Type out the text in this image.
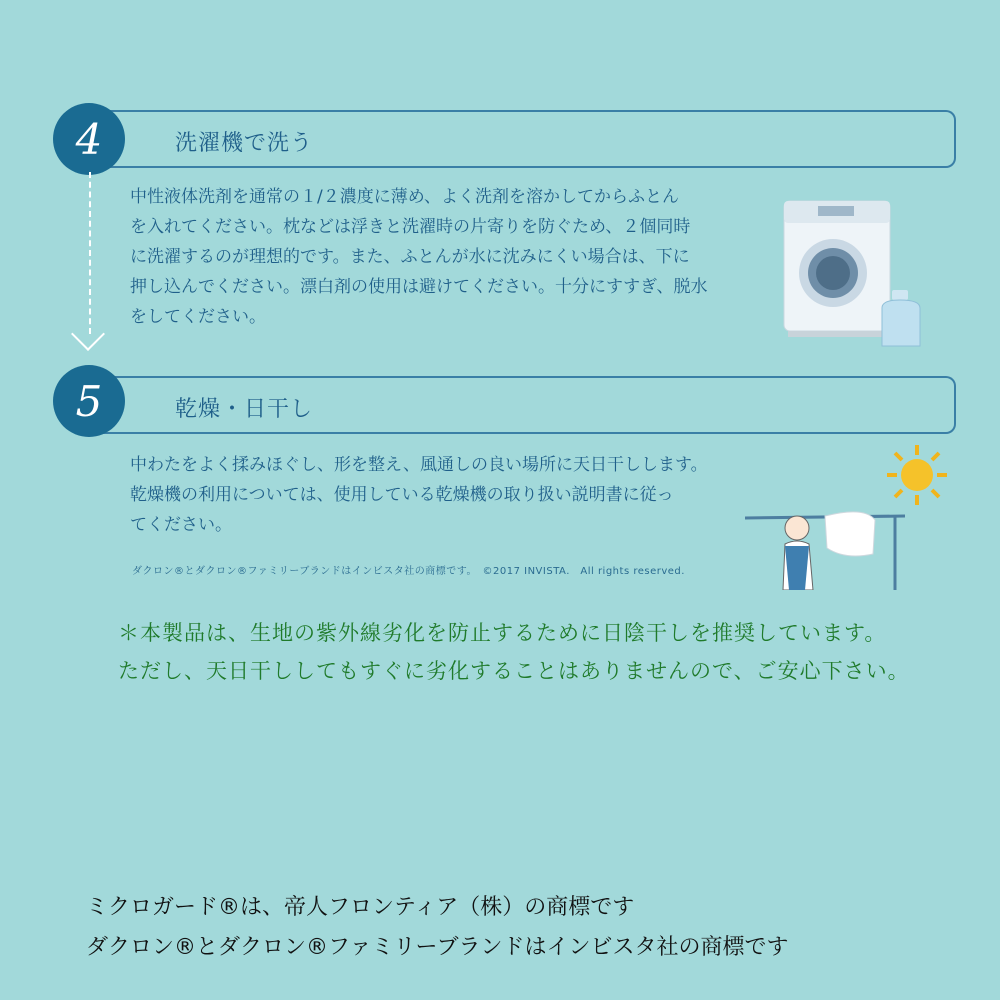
4	洗濯機で洗う
中性液体洗剤を通常の１/２濃度に薄め、よく洗剤を溶かしてからふとん
を入れてください。枕などは浮きと洗濯時の片寄りを防ぐため、２個同時
に洗濯するのが理想的です。また、ふとんが水に沈みにくい場合は、下に
押し込んでください。漂白剤の使用は避けてください。十分にすすぎ、脱水
をしてください。
5	乾燥・日干し
中わたをよく揉みほぐし、形を整え、風通しの良い場所に天日干しします。
乾燥機の利用については、使用している乾燥機の取り扱い説明書に従っ
てください。
ダクロン®とダクロン®ファミリーブランドはインビスタ社の商標です。　©2017 INVISTA.　All rights reserved.
＊本製品は、生地の紫外線劣化を防止するために日陰干しを推奨しています。
ただし、天日干ししてもすぐに劣化することはありませんので、ご安心下さい。
ミクロガード®は、帝人フロンティア（株）の商標です
ダクロン®とダクロン®ファミリーブランドはインビスタ社の商標です
